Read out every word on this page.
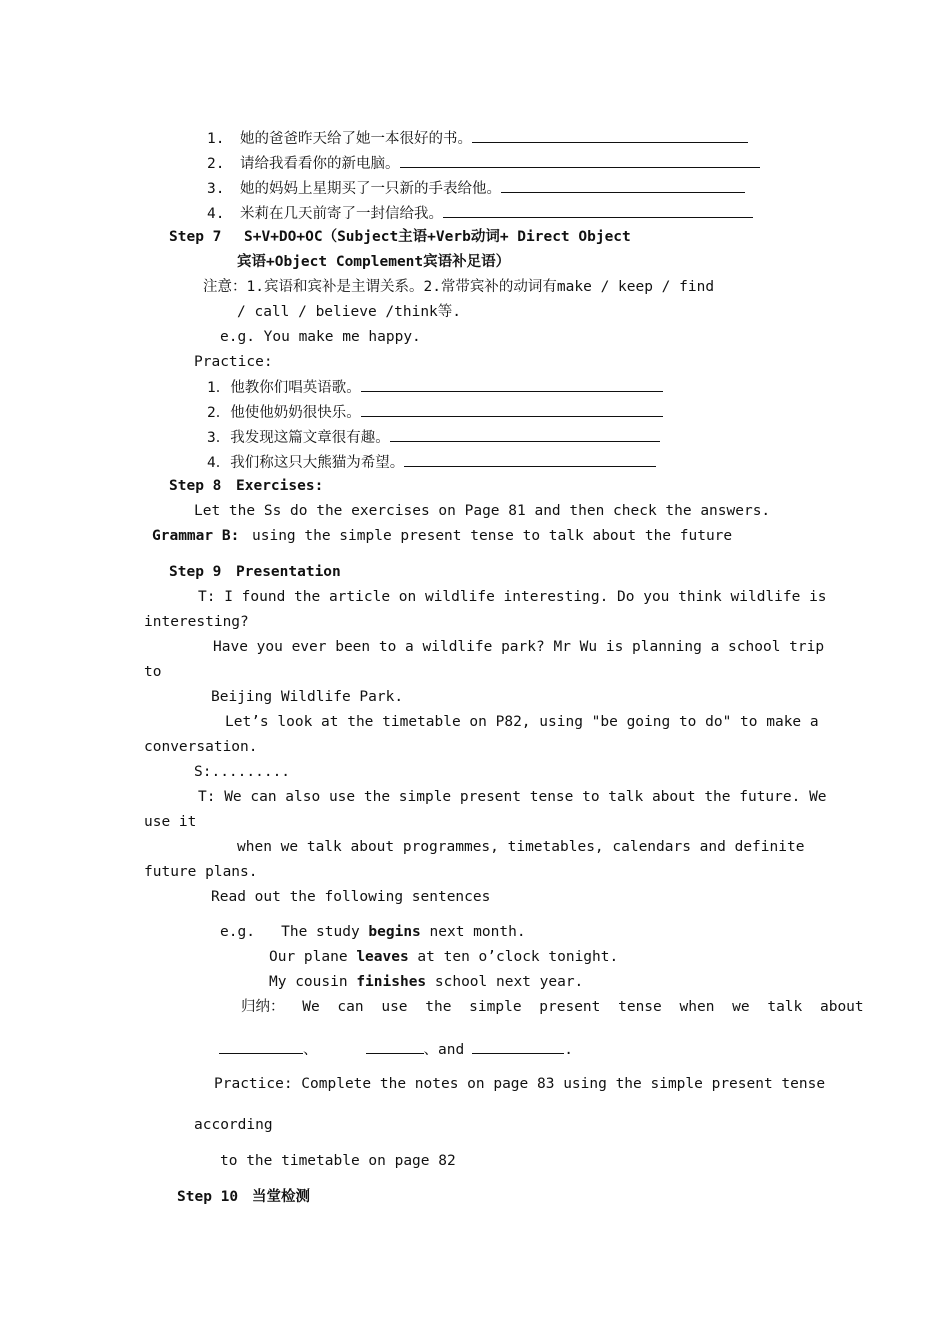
1. 她的爸爸昨天给了她一本很好的书。
2. 请给我看看你的新电脑。
3. 她的妈妈上星期买了一只新的手表给他。
4. 米莉在几天前寄了一封信给我。
Step 7 S+V+DO+OC（Subject主语+Verb动词+ Direct Object
宾语+Object Complement宾语补足语）
注意：1.宾语和宾补是主谓关系。2.常带宾补的动词有make / keep / find
/ call / believe /think等.
e.g. You make me happy.
Practice:
1．他教你们唱英语歌。
2．他使他奶奶很快乐。
3．我发现这篇文章很有趣。
4．我们称这只大熊猫为希望。
Step 8 Exercises:
Let the Ss do the exercises on Page 81 and then check the answers.
Grammar B: using the simple present tense to talk about the future
Step 9 Presentation
T: I found the article on wildlife interesting. Do you think wildlife is
interesting?
Have you ever been to a wildlife park? Mr Wu is planning a school trip
to
Beijing Wildlife Park.
Let’s look at the timetable on P82, using "be going to do" to make a
conversation.
S:.........
T: We can also use the simple present tense to talk about the future. We
use it
when we talk about programmes, timetables, calendars and definite
future plans.
Read out the following sentences
e.g.   The study begins next month.
Our plane leaves at ten o’clock tonight.
My cousin finishes school next year.
归纳： We can use the simple present tense when we talk about
、	、and	.
Practice: Complete the notes on page 83 using the simple present tense
according
to the timetable on page 82
Step 10 当堂检测
